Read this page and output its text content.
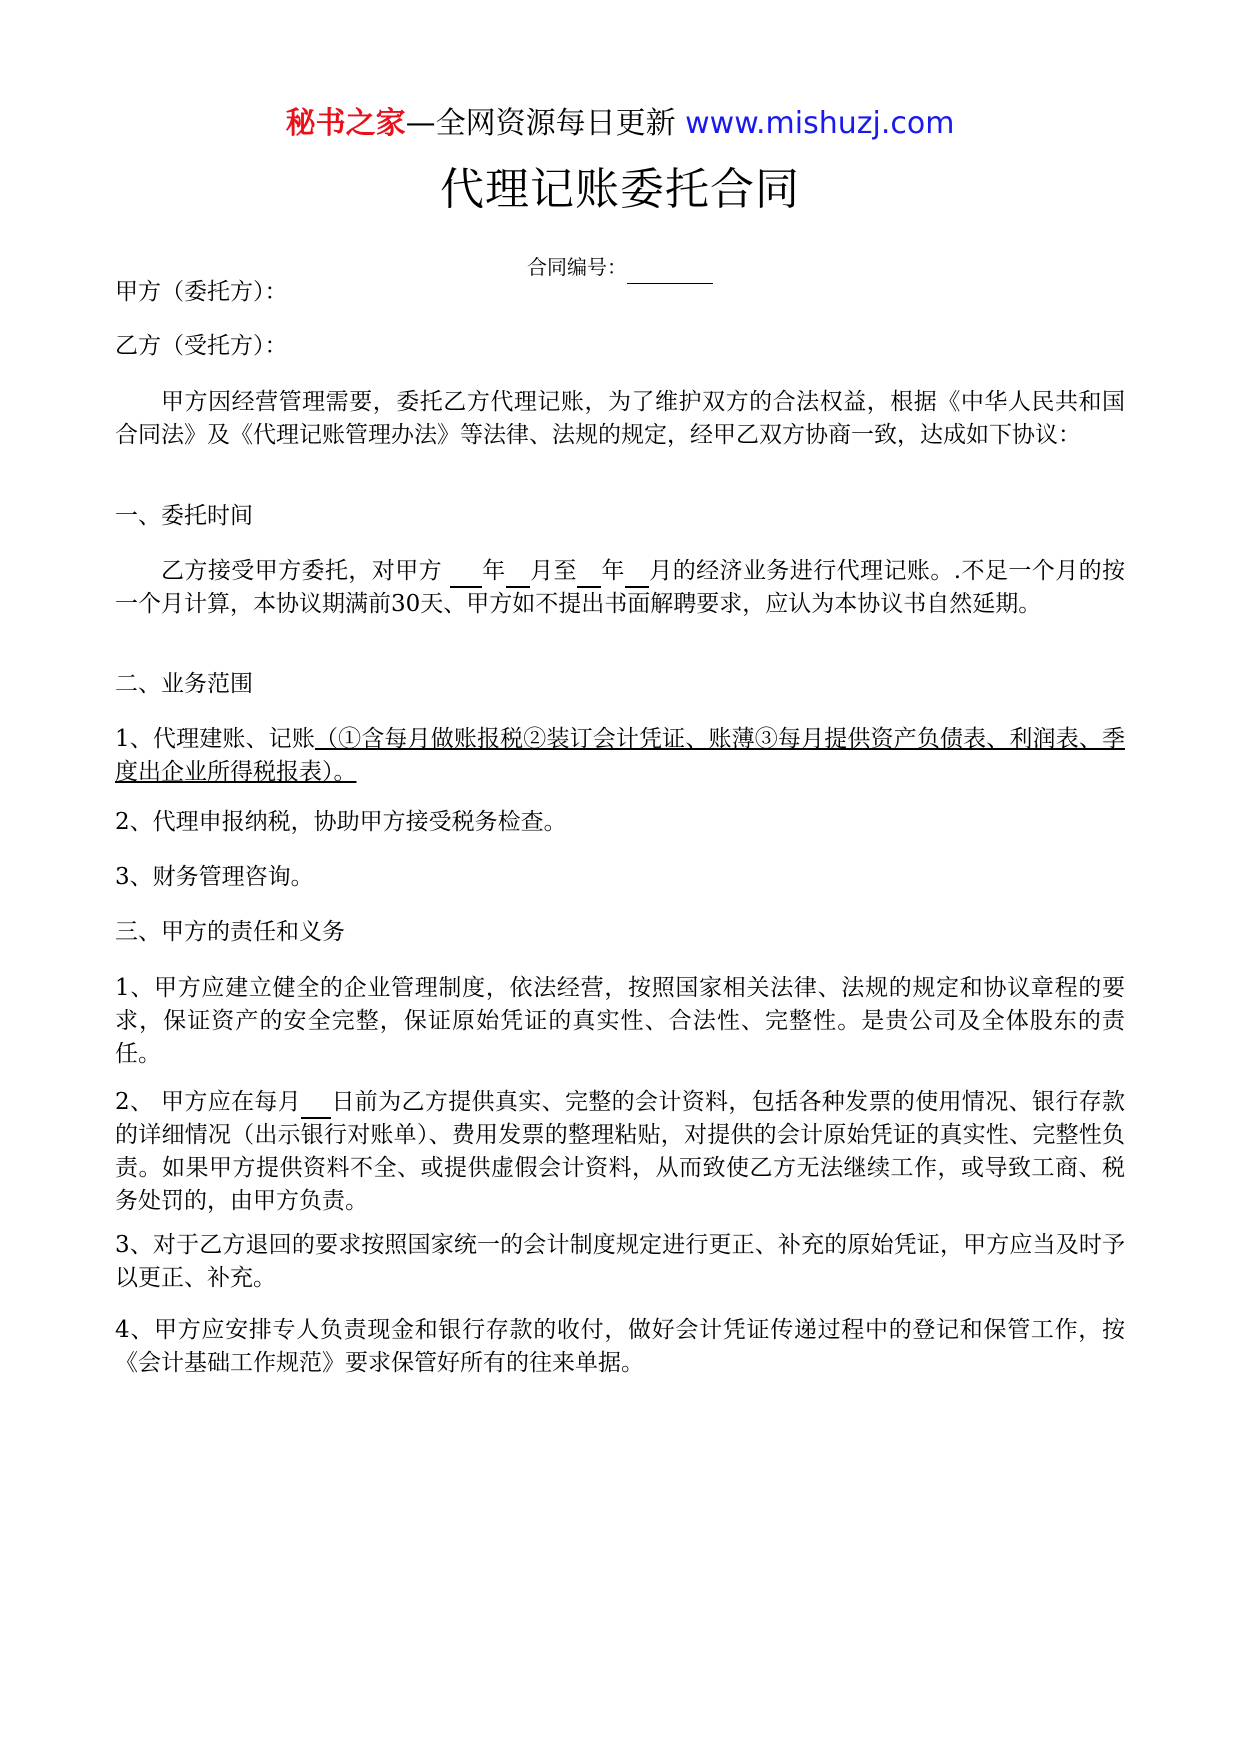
秘书之家—全网资源每日更新 www.mishuzj.com
代理记账委托合同
合同编号：

甲方（委托方）：

乙方（受托方）：

甲方因经营管理需要，委托乙方代理记账，为了维护双方的合法权益，根据《中华人民共和国合同法》及《代理记账管理办法》等法律、法规的规定，经甲乙双方协商一致，达成如下协议：

一、委托时间

乙方接受甲方委托，对甲方 年 月至 年 月的经济业务进行代理记账。.不足一个月的按一个月计算，本协议期满前30天、甲方如不提出书面解聘要求，应认为本协议书自然延期。

二、业务范围

1、代理建账、记账（①含每月做账报税②装订会计凭证、账薄③每月提供资产负债表、利润表、季度出企业所得税报表）。

2、代理申报纳税，协助甲方接受税务检查。

3、财务管理咨询。

三、甲方的责任和义务

1、甲方应建立健全的企业管理制度，依法经营，按照国家相关法律、法规的规定和协议章程的要求，保证资产的安全完整，保证原始凭证的真实性、合法性、完整性。是贵公司及全体股东的责任。

2、 甲方应在每月 日前为乙方提供真实、完整的会计资料，包括各种发票的使用情况、银行存款的详细情况（出示银行对账单）、费用发票的整理粘贴，对提供的会计原始凭证的真实性、完整性负责。如果甲方提供资料不全、或提供虚假会计资料，从而致使乙方无法继续工作，或导致工商、税务处罚的，由甲方负责。

3、对于乙方退回的要求按照国家统一的会计制度规定进行更正、补充的原始凭证，甲方应当及时予以更正、补充。

4、甲方应安排专人负责现金和银行存款的收付，做好会计凭证传递过程中的登记和保管工作，按《会计基础工作规范》要求保管好所有的往来单据。
